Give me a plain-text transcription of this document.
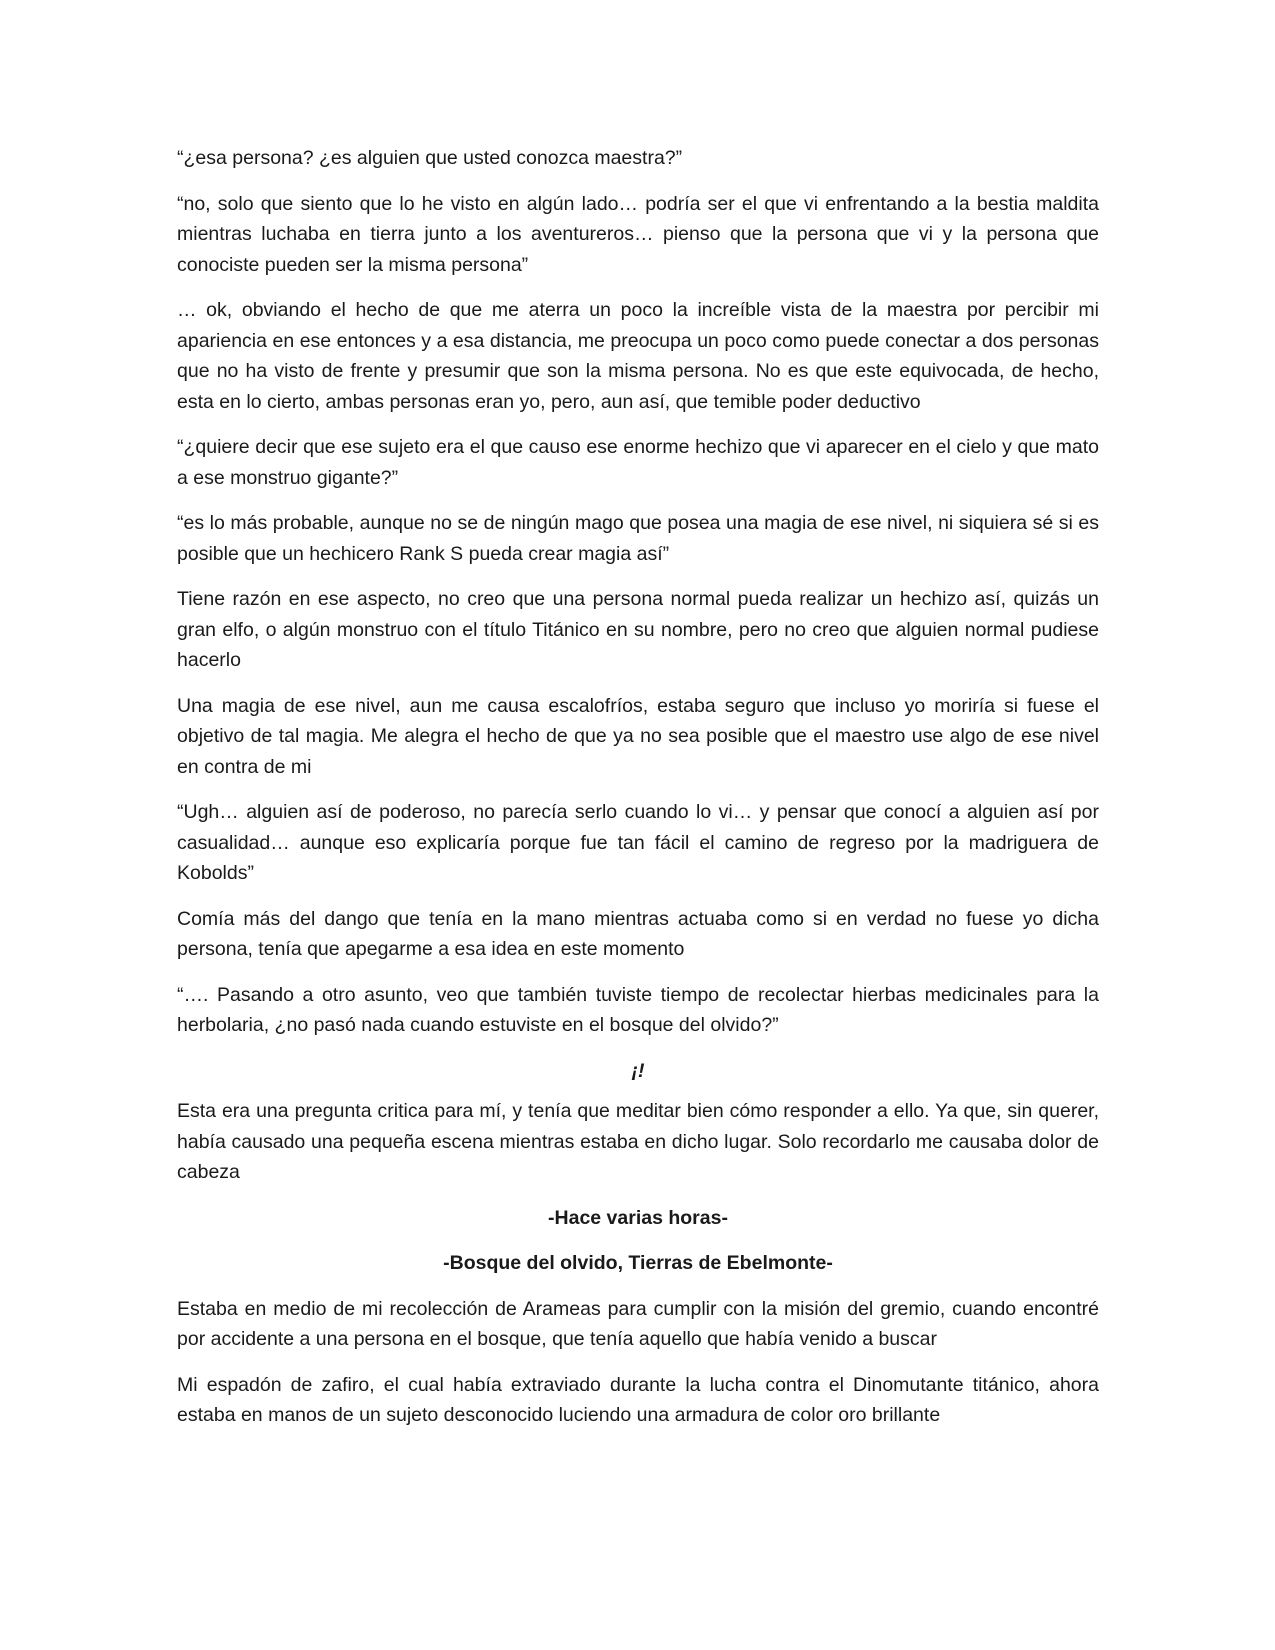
“¿esa persona? ¿es alguien que usted conozca maestra?”

“no, solo que siento que lo he visto en algún lado… podría ser el que vi enfrentando a la bestia maldita mientras luchaba en tierra junto a los aventureros… pienso que la persona que vi y la persona que conociste pueden ser la misma persona”

… ok, obviando el hecho de que me aterra un poco la increíble vista de la maestra por percibir mi apariencia en ese entonces y a esa distancia, me preocupa un poco como puede conectar a dos personas que no ha visto de frente y presumir que son la misma persona. No es que este equivocada, de hecho, esta en lo cierto, ambas personas eran yo, pero, aun así, que temible poder deductivo

“¿quiere decir que ese sujeto era el que causo ese enorme hechizo que vi aparecer en el cielo y que mato a ese monstruo gigante?”

“es lo más probable, aunque no se de ningún mago que posea una magia de ese nivel, ni siquiera sé si es posible que un hechicero Rank S pueda crear magia así”

Tiene razón en ese aspecto, no creo que una persona normal pueda realizar un hechizo así, quizás un gran elfo, o algún monstruo con el título Titánico en su nombre, pero no creo que alguien normal pudiese hacerlo

Una magia de ese nivel, aun me causa escalofríos, estaba seguro que incluso yo moriría si fuese el objetivo de tal magia. Me alegra el hecho de que ya no sea posible que el maestro use algo de ese nivel en contra de mi

“Ugh… alguien así de poderoso, no parecía serlo cuando lo vi… y pensar que conocí a alguien así por casualidad… aunque eso explicaría porque fue tan fácil el camino de regreso por la madriguera de Kobolds”

Comía más del dango que tenía en la mano mientras actuaba como si en verdad no fuese yo dicha persona, tenía que apegarme a esa idea en este momento

“…. Pasando a otro asunto, veo que también tuviste tiempo de recolectar hierbas medicinales para la herbolaria, ¿no pasó nada cuando estuviste en el bosque del olvido?”

¡!

Esta era una pregunta critica para mí, y tenía que meditar bien cómo responder a ello. Ya que, sin querer, había causado una pequeña escena mientras estaba en dicho lugar. Solo recordarlo me causaba dolor de cabeza

-Hace varias horas-

-Bosque del olvido, Tierras de Ebelmonte-

Estaba en medio de mi recolección de Arameas para cumplir con la misión del gremio, cuando encontré por accidente a una persona en el bosque, que tenía aquello que había venido a buscar

Mi espadón de zafiro, el cual había extraviado durante la lucha contra el Dinomutante titánico, ahora estaba en manos de un sujeto desconocido luciendo una armadura de color oro brillante
